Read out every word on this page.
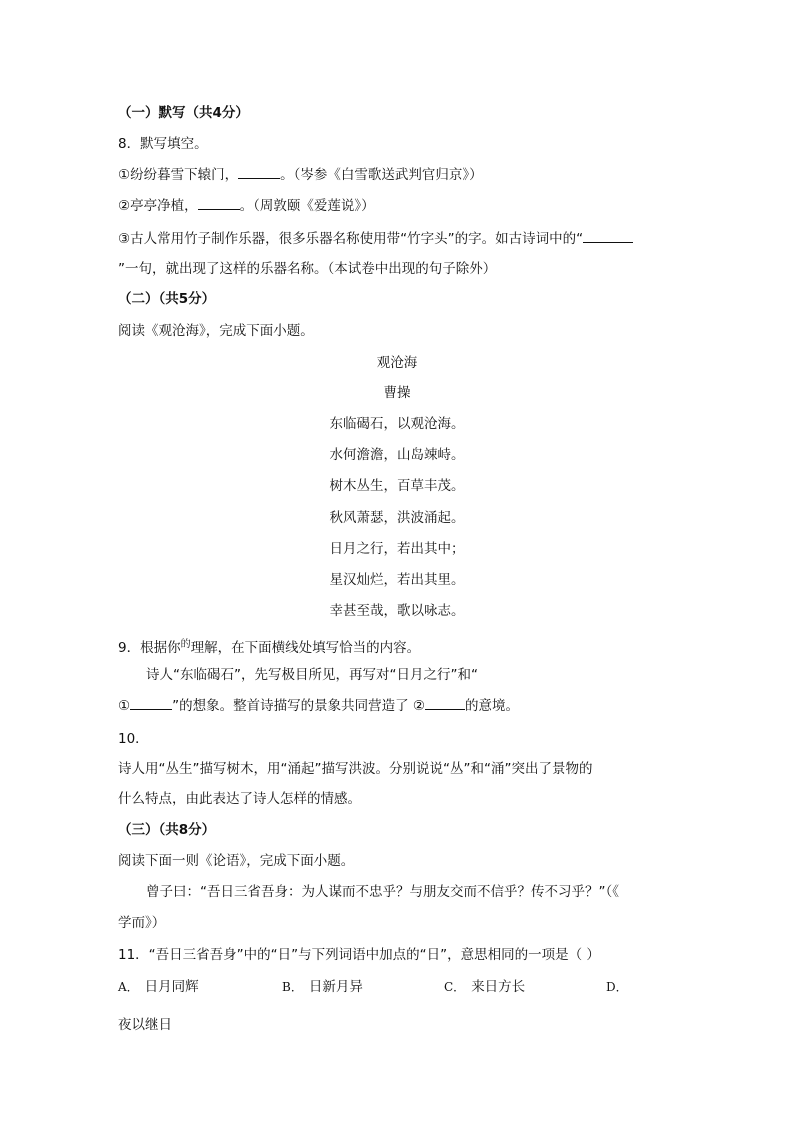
（一）默写（共4分）
8．默写填空。
①纷纷暮雪下辕门，	。（岑参《白雪歌送武判官归京》）
②亭亭净植，	。（周敦颐《爱莲说》）
③古人常用竹子制作乐器，很多乐器名称使用带“竹字头”的字。如古诗词中的“
”一句，就出现了这样的乐器名称。（本试卷中出现的句子除外）
（二）（共5分）
阅读《观沧海》，完成下面小题。
观沧海
曹操
东临碣石，以观沧海。
水何澹澹，山岛竦峙。
树木丛生，百草丰茂。
秋风萧瑟，洪波涌起。
日月之行，若出其中；
星汉灿烂，若出其里。
幸甚至哉，歌以咏志。
9．根据你$^的$理解，在下面横线处填写恰当的内容。
诗人“东临碣石”，先写极目所见，再写对“日月之行”和“
①	”的想象。整首诗描写的景象共同营造了 ②	的意境。
10．
诗人用“丛生”描写树木，用“涌起”描写洪波。分别说说“丛”和“涌”突出了景物的
什么特点，由此表达了诗人怎样的情感。
（三）（共8分）
阅读下面一则《论语》，完成下面小题。
曾子曰：“吾日三省吾身：为人谋而不忠乎？与朋友交而不信乎？传不习乎？”（《
学而》）
11．“吾日三省吾身”中的“日”与下列词语中加点的“日”，意思相同的一项是（ ）
A． 日月同辉	B． 日新月异	C． 来日方长	D．
夜以继日
